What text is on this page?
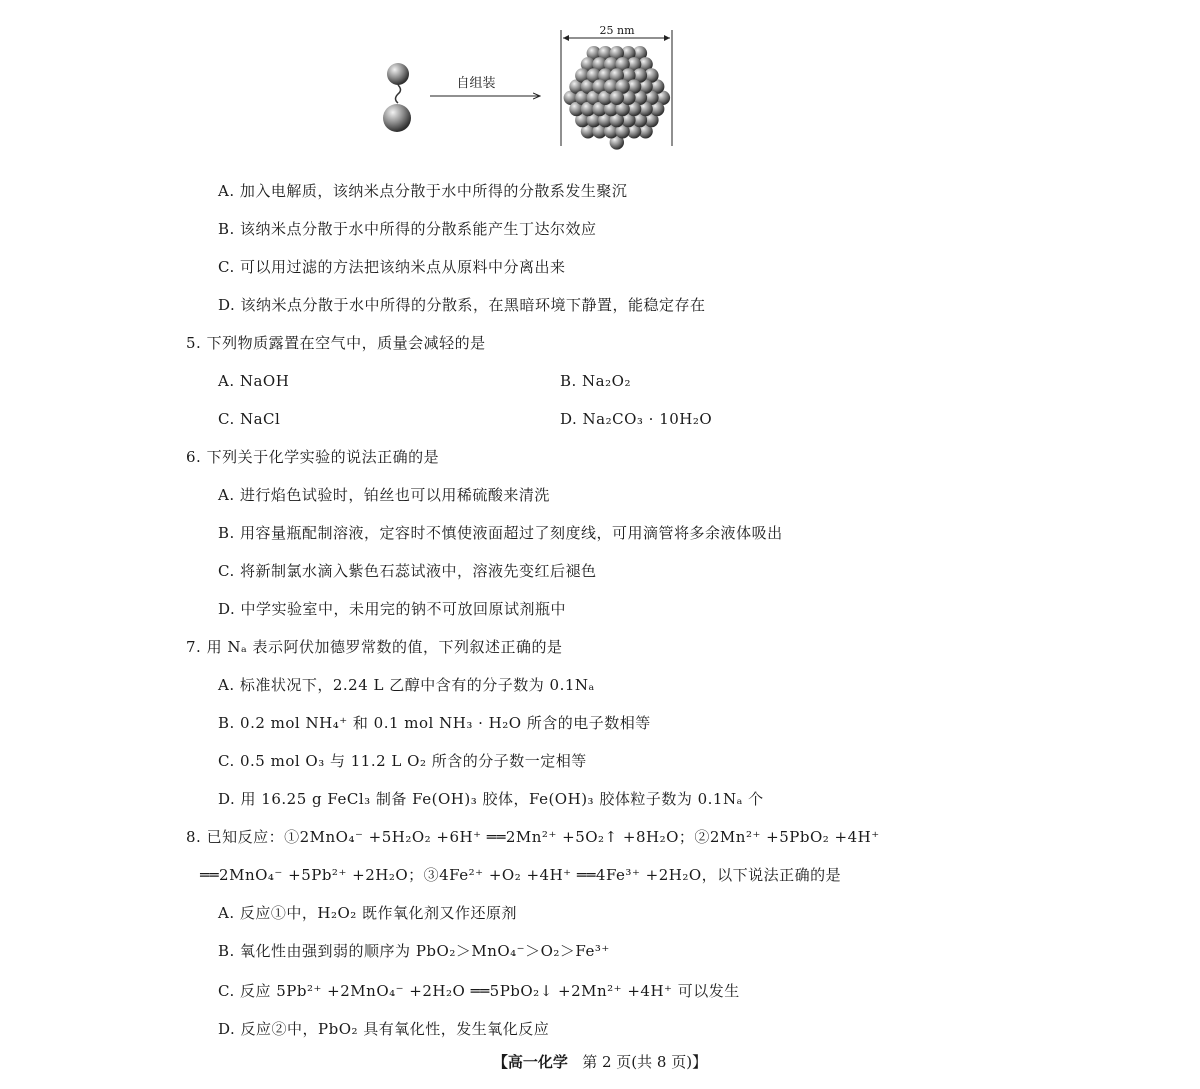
自组装
25 nm
A. 加入电解质，该纳米点分散于水中所得的分散系发生聚沉
B. 该纳米点分散于水中所得的分散系能产生丁达尔效应
C. 可以用过滤的方法把该纳米点从原料中分离出来
D. 该纳米点分散于水中所得的分散系，在黑暗环境下静置，能稳定存在
5. 下列物质露置在空气中，质量会减轻的是
A. NaOH	B. Na₂O₂
C. NaCl	D. Na₂CO₃ · 10H₂O
6. 下列关于化学实验的说法正确的是
A. 进行焰色试验时，铂丝也可以用稀硫酸来清洗
B. 用容量瓶配制溶液，定容时不慎使液面超过了刻度线，可用滴管将多余液体吸出
C. 将新制氯水滴入紫色石蕊试液中，溶液先变红后褪色
D. 中学实验室中，未用完的钠不可放回原试剂瓶中
7. 用 Nₐ 表示阿伏加德罗常数的值，下列叙述正确的是
A. 标准状况下，2.24 L 乙醇中含有的分子数为 0.1Nₐ
B. 0.2 mol NH₄⁺ 和 0.1 mol NH₃ · H₂O 所含的电子数相等
C. 0.5 mol O₃ 与 11.2 L O₂ 所含的分子数一定相等
D. 用 16.25 g FeCl₃ 制备 Fe(OH)₃ 胶体，Fe(OH)₃ 胶体粒子数为 0.1Nₐ 个
8. 已知反应：①2MnO₄⁻ +5H₂O₂ +6H⁺ ══2Mn²⁺ +5O₂↑ +8H₂O；②2Mn²⁺ +5PbO₂ +4H⁺
══2MnO₄⁻ +5Pb²⁺ +2H₂O；③4Fe²⁺ +O₂ +4H⁺ ══4Fe³⁺ +2H₂O，以下说法正确的是
A. 反应①中，H₂O₂ 既作氧化剂又作还原剂
B. 氧化性由强到弱的顺序为 PbO₂＞MnO₄⁻＞O₂＞Fe³⁺
C. 反应 5Pb²⁺ +2MnO₄⁻ +2H₂O ══5PbO₂↓ +2Mn²⁺ +4H⁺ 可以发生
D. 反应②中，PbO₂ 具有氧化性，发生氧化反应
【高一化学 第 2 页(共 8 页)】
